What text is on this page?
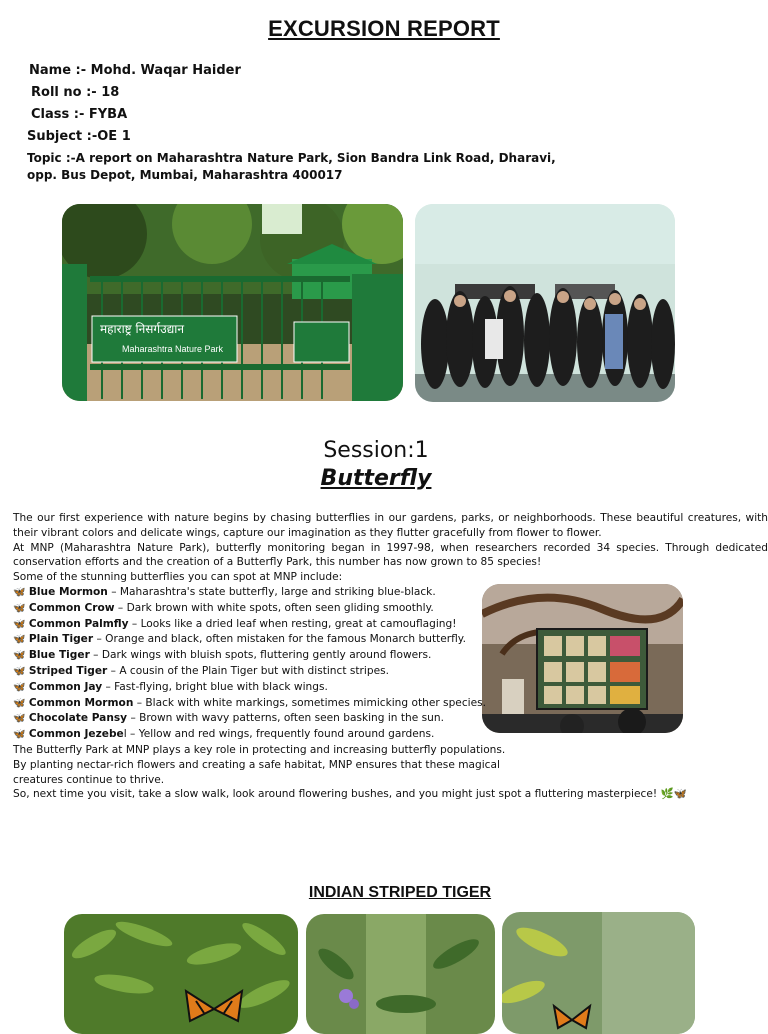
EXCURSION REPORT
Name :- Mohd. Waqar Haider
Roll no :- 18
Class :- FYBA
Subject :-OE 1
Topic :-A report on Maharashtra Nature Park, Sion Bandra Link Road, Dharavi,
opp. Bus Depot, Mumbai, Maharashtra 400017
महाराष्ट्र निसर्गउद्यान
Maharashtra Nature Park
Session:1
Butterfly

The our first experience with nature begins by chasing butterflies in our gardens, parks, or neighborhoods. These beautiful creatures, with their vibrant colors and delicate wings, capture our imagination as they flutter gracefully from flower to flower.

At MNP (Maharashtra Nature Park), butterfly monitoring began in 1997-98, when researchers recorded 34 species. Through dedicated conservation efforts and the creation of a Butterfly Park, this number has now grown to 85 species!

Some of the stunning butterflies you can spot at MNP include:

🦋 Blue Mormon – Maharashtra's state butterfly, large and striking blue-black.
🦋 Common Crow – Dark brown with white spots, often seen gliding smoothly.
🦋 Common Palmfly – Looks like a dried leaf when resting, great at camouflaging!
🦋 Plain Tiger – Orange and black, often mistaken for the famous Monarch butterfly.
🦋 Blue Tiger – Dark wings with bluish spots, fluttering gently around flowers.
🦋 Striped Tiger – A cousin of the Plain Tiger but with distinct stripes.
🦋 Common Jay – Fast-flying, bright blue with black wings.
🦋 Common Mormon – Black with white markings, sometimes mimicking other species.
🦋 Chocolate Pansy – Brown with wavy patterns, often seen basking in the sun.
🦋 Common Jezebel – Yellow and red wings, frequently found around gardens.

The Butterfly Park at MNP plays a key role in protecting and increasing butterfly populations.

By planting nectar-rich flowers and creating a safe habitat, MNP ensures that these magical creatures continue to thrive.

So, next time you visit, take a slow walk, look around flowering bushes, and you might just spot a fluttering masterpiece! 🌿🦋

INDIAN STRIPED TIGER
